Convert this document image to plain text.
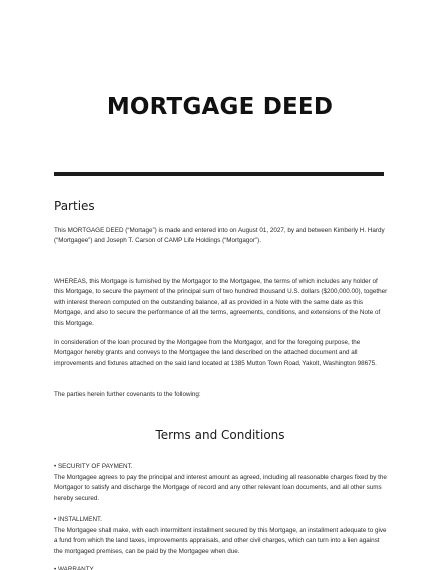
MORTGAGE DEED
Parties

This MORTGAGE DEED (“Mortage”) is made and entered into on August 01, 2027, by and between Kimberly H. Hardy (“Mortgagee”) and Joseph T. Carson of CAMP Life Holdings (“Mortgagor”).

WHEREAS, this Mortgage is furnished by the Mortgagor to the Mortgagee, the terms of which includes any holder of this Mortgage, to secure the payment of the principal sum of two hundred thousand U.S. dollars ($200,000.00), together with interest thereon computed on the outstanding balance, all as provided in a Note with the same date as this Mortgage, and also to secure the performance of all the terms, agreements, conditions, and extensions of the Note of this Mortgage.

In consideration of the loan procured by the Mortgagee from the Mortgagor, and for the foregoing purpose, the Mortgagor hereby grants and conveys to the Mortgagee the land described on the attached document and all improvements and fixtures attached on the said land located at 1385 Mutton Town Road, Yakolt, Washington 98675.

The parties herein further covenants to the following:

Terms and Conditions

• SECURITY OF PAYMENT.

The Mortgagee agrees to pay the principal and interest amount as agreed, including all reasonable charges fixed by the Mortgagor to satisfy and discharge the Mortgage of record and any other relevant loan documents, and all other sums hereby secured.

• INSTALLMENT.

The Mortgagee shall make, with each intermittent installment secured by this Mortgage, an installment adequate to give a fund from which the land taxes, improvements appraisals, and other civil charges, which can turn into a lien against the mortgaged premises, can be paid by the Mortgagee when due.

• WARRANTY.
